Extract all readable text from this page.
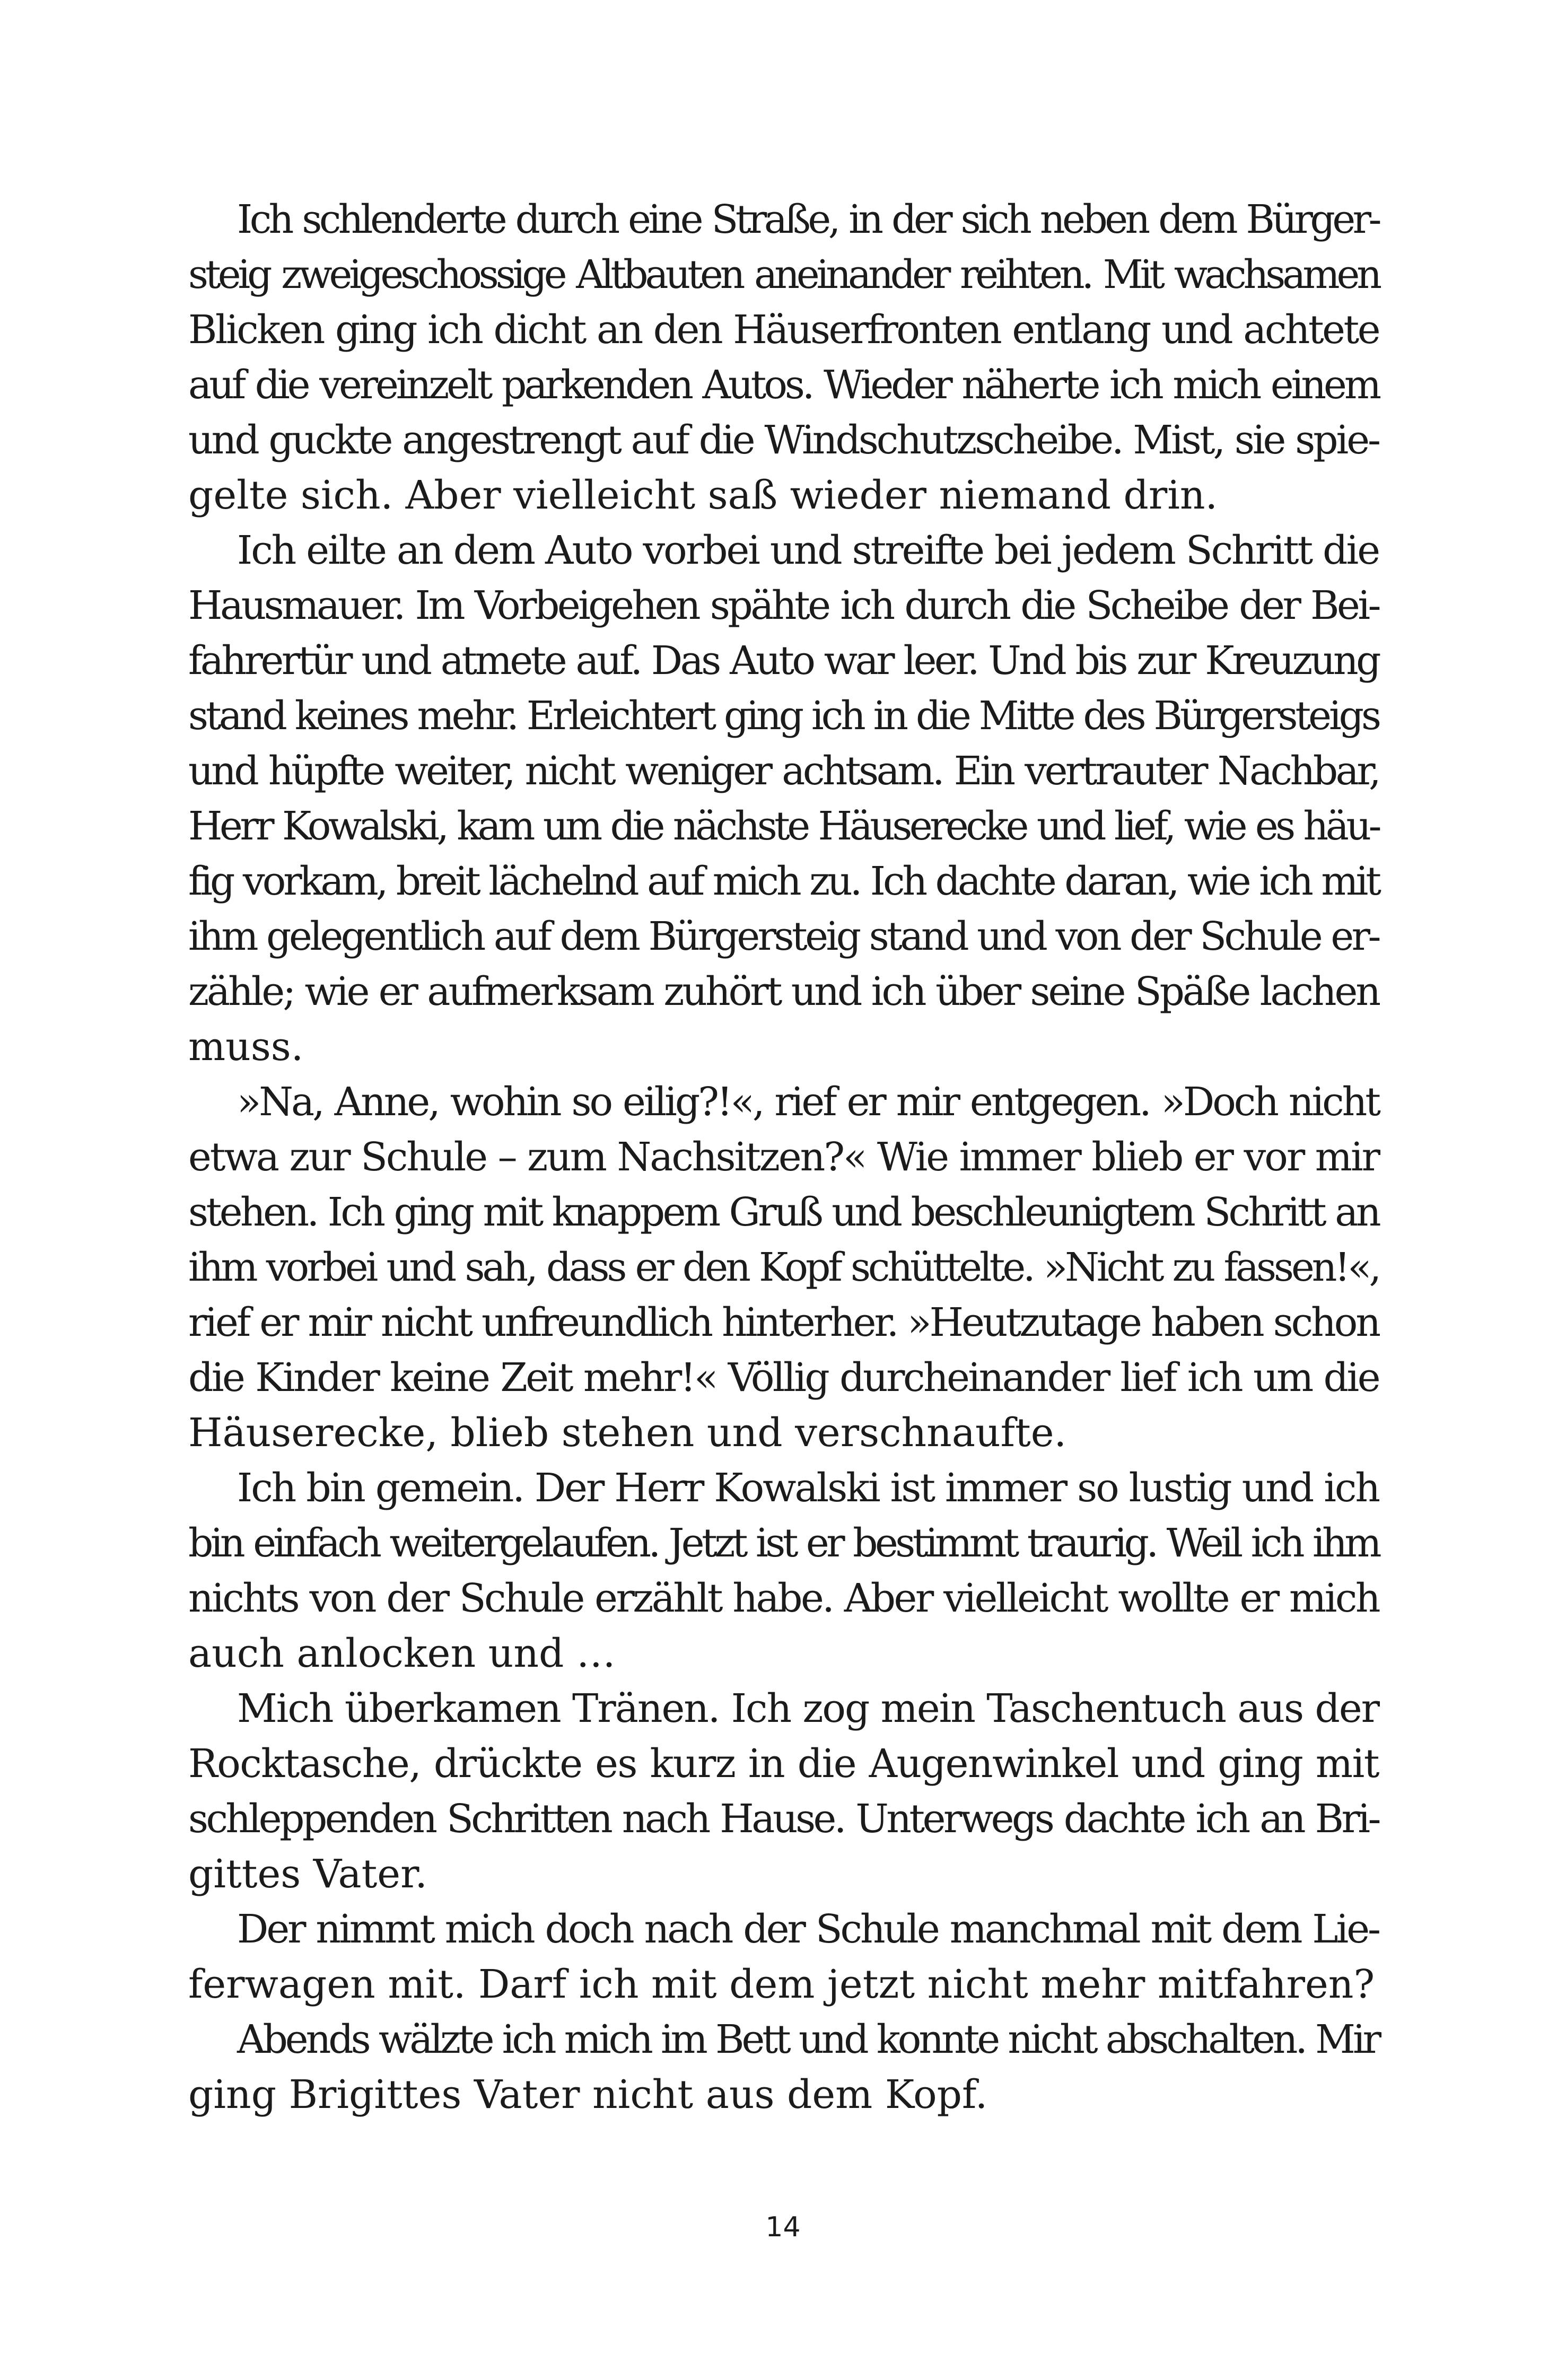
Ich schlenderte durch eine Straße, in der sich neben dem Bürger-
steig zweigeschossige Altbauten aneinander reihten. Mit wachsamen
Blicken ging ich dicht an den Häuserfronten entlang und achtete
auf die vereinzelt parkenden Autos. Wieder näherte ich mich einem
und guckte angestrengt auf die Windschutzscheibe. Mist, sie spie-
gelte sich. Aber vielleicht saß wieder niemand drin.
Ich eilte an dem Auto vorbei und streifte bei jedem Schritt die
Hausmauer. Im Vorbeigehen spähte ich durch die Scheibe der Bei-
fahrertür und atmete auf. Das Auto war leer. Und bis zur Kreuzung
stand keines mehr. Erleichtert ging ich in die Mitte des Bürgersteigs
und hüpfte weiter, nicht weniger achtsam. Ein vertrauter Nachbar,
Herr Kowalski, kam um die nächste Häuserecke und lief, wie es häu-
fig vorkam, breit lächelnd auf mich zu. Ich dachte daran, wie ich mit
ihm gelegentlich auf dem Bürgersteig stand und von der Schule er-
zähle; wie er aufmerksam zuhört und ich über seine Späße lachen
muss.
»Na, Anne, wohin so eilig?!«, rief er mir entgegen. »Doch nicht
etwa zur Schule – zum Nachsitzen?« Wie immer blieb er vor mir
stehen. Ich ging mit knappem Gruß und beschleunigtem Schritt an
ihm vorbei und sah, dass er den Kopf schüttelte. »Nicht zu fassen!«,
rief er mir nicht unfreundlich hinterher. »Heutzutage haben schon
die Kinder keine Zeit mehr!« Völlig durcheinander lief ich um die
Häuserecke, blieb stehen und verschnaufte.
Ich bin gemein. Der Herr Kowalski ist immer so lustig und ich
bin einfach weitergelaufen. Jetzt ist er bestimmt traurig. Weil ich ihm
nichts von der Schule erzählt habe. Aber vielleicht wollte er mich
auch anlocken und …
Mich überkamen Tränen. Ich zog mein Taschentuch aus der
Rocktasche, drückte es kurz in die Augenwinkel und ging mit
schleppenden Schritten nach Hause. Unterwegs dachte ich an Bri-
gittes Vater.
Der nimmt mich doch nach der Schule manchmal mit dem Lie-
ferwagen mit. Darf ich mit dem jetzt nicht mehr mitfahren?
Abends wälzte ich mich im Bett und konnte nicht abschalten. Mir
ging Brigittes Vater nicht aus dem Kopf.
14
